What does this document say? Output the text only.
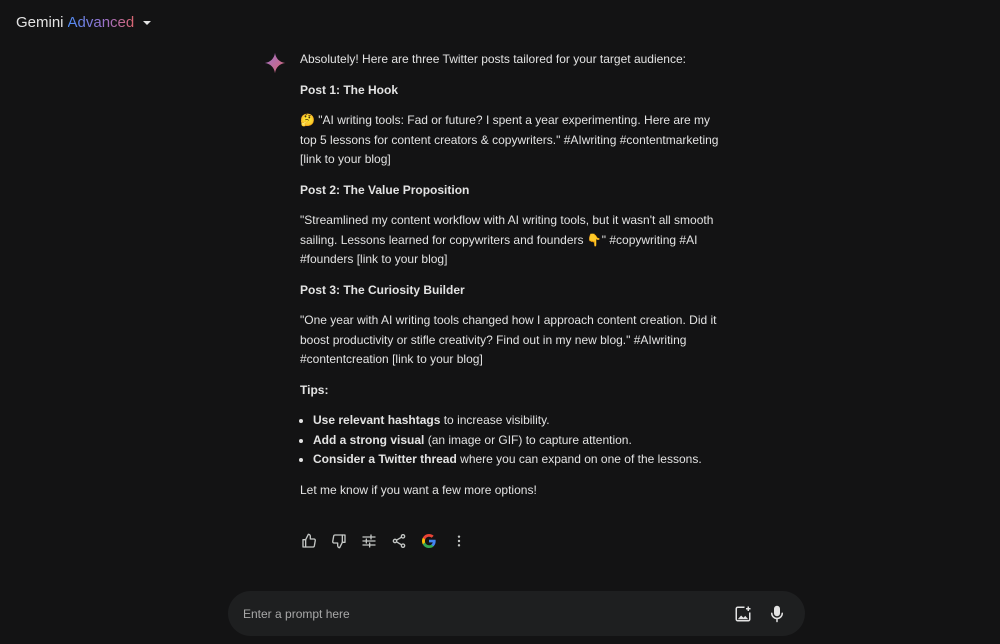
Gemini Advanced

Absolutely! Here are three Twitter posts tailored for your target audience:

Post 1: The Hook

🤔 "AI writing tools: Fad or future? I spent a year experimenting. Here are my top 5 lessons for content creators & copywriters." #AIwriting #contentmarketing [link to your blog]

Post 2: The Value Proposition

"Streamlined my content workflow with AI writing tools, but it wasn't all smooth sailing. Lessons learned for copywriters and founders 👇" #copywriting #AI #founders [link to your blog]

Post 3: The Curiosity Builder

"One year with AI writing tools changed how I approach content creation. Did it boost productivity or stifle creativity? Find out in my new blog." #AIwriting #contentcreation [link to your blog]

Tips:

• Use relevant hashtags to increase visibility.
• Add a strong visual (an image or GIF) to capture attention.
• Consider a Twitter thread where you can expand on one of the lessons.

Let me know if you want a few more options!

Enter a prompt here
